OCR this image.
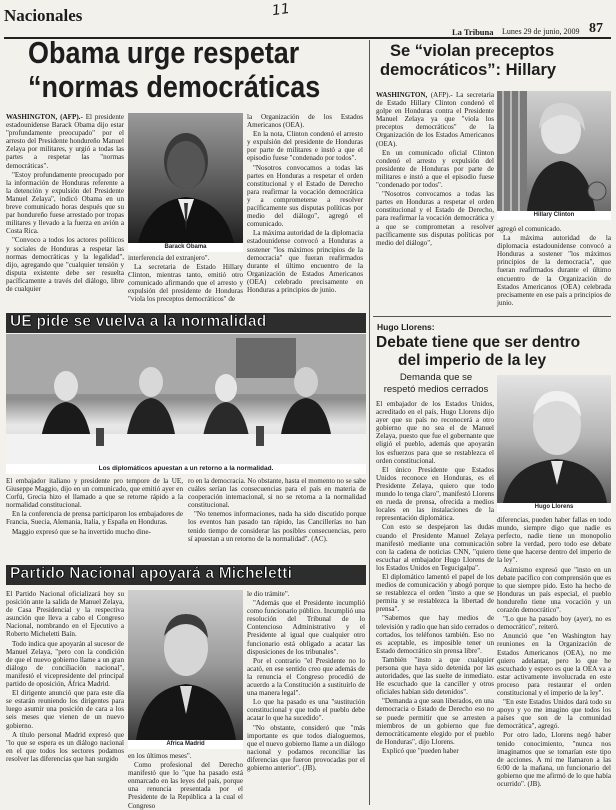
Nacionales	11
La Tribuna Lunes 29 de junio, 2009 87
Obama urge respetar
“normas democráticas

WASHINGTON, (AFP).- El presidente estadounidense Barack Obama dijo estar "profundamente preocupado" por el arresto del Presidente hondureño Manuel Zelaya por militares, y urgió a todas las partes a respetar las "normas democráticas".

"Estoy profundamente preocupado por la información de Honduras referente a la detención y expulsión del Presidente Manuel Zelaya", indicó Obama en un breve comunicado horas después que su par hondureño fuese arrestado por tropas militares y llevado a la fuerza en avión a Costa Rica.

"Convoco a todos los actores políticos y sociales de Honduras a respetar las normas democráticas y la legalidad", dijo, agregando que "cualquier tensión y disputa existente debe ser resuelta pacíficamente a través del diálogo, libre de cualquier

Barack Obama

interferencia del extranjero".

La secretaria de Estado Hillary Clinton, mientras tanto, emitió otro comunicado afirmando que el arresto y expulsión del presidente de Honduras "viola los preceptos democráticos" de

la Organización de los Estados Americanos (OEA).

En la nota, Clinton condenó el arresto y expulsión del presidente de Honduras por parte de militares e instó a que el episodio fuese "condenado por todos".

"Nosotros convocamos a todas las partes en Honduras a respetar el orden constitucional y el Estado de Derecho para reafirmar la vocación democrática y a comprometerse a resolver pacíficamente sus disputas políticas por medio del diálogo", agregó el comunicado.

La máxima autoridad de la diplomacia estadounidense convocó a Honduras a sostener "los máximos principios de la democracia" que fueran reafirmados durante el último encuentro de la Organización de Estados Americanos (OEA) celebrado precisamente en Honduras a principios de junio.

Se “violan preceptos
democráticos”: Hillary

WASHINGTON, (AFP).- La secretaria de Estado Hillary Clinton condenó el golpe en Honduras contra el Presidente Manuel Zelaya ya que "viola los preceptos democráticos" de la Organización de los Estados Americanos (OEA).

En un comunicado oficial Clinton condenó el arresto y expulsión del presidente de Honduras por parte de militares e instó a que el episodio fuese "condenado por todos".

"Nosotros convocamos a todas las partes en Honduras a respetar el orden constitucional y el Estado de Derecho, para reafirmar la vocación democrática y a que se comprometan a resolver pacíficamente sus disputas políticas por medio del diálogo",

Hillary Clinton

agregó el comunicado.

La máxima autoridad de la diplomacia estadounidense convocó a Honduras a sostener "los máximos principios de la democracia", que fueran reafirmados durante el último encuentro de la Organización de Estados Americanos (OEA) celebrada precisamente en ese país a principios de junio.

UE pide se vuelva a la normalidad
Los diplomáticos apuestan a un retorno a la normalidad.

El embajador italiano y presidente pro tempore de la UE, Giuseppe Maggio, dijo en un comunicado, que emitió ayer en Corfú, Grecia hizo el llamado a que se retorne rápido a la normalidad constitucional.

En la conferencia de prensa participaron los embajadores de Francia, Suecia, Alemania, Italia, y España en Honduras.

Maggio expresó que se ha invertido mucho dine-

ro en la democracia. No obstante, hasta el momento no se sabe cuáles serían las consecuencias para el país en materia de cooperación internacional, si no se retorna a la normalidad constitucional.

"No tenemos informaciones, nada ha sido discutido porque los eventos han pasado tan rápido, las Cancillerías no han tenido tiempo de considerar las posibles consecuencias, pero sí apuestan a un retorno de la normalidad". (AC).

Partido Nacional apoyará a Micheletti

El Partido Nacional oficializará hoy su posición ante la salida de Manuel Zelaya, de Casa Presidencial y la respectiva asunción que lleva a cabo el Congreso Nacional, nombrando en el Ejecutivo a Roberto Micheletti Baín.

Todo indica que apoyarán al sucesor de Manuel Zelaya, "pero con la condición de que el nuevo gobierno llame a un gran diálogo de conciliación nacional", manifestó el vicepresidente del principal partido de oposición, África Madrid.

El dirigente anunció que para este día se estarán reuniendo los dirigentes para luego asumir una posición de cara a los seis meses que vienen de un nuevo gobierno.

A título personal Madrid expresó que "lo que se espera es un diálogo nacional en el que todos los sectores podamos resolver las diferencias que han surgido

África Madrid

en los últimos meses".

Como profesional del Derecho manifestó que lo "que ha pasado está enmarcado en las leyes del país, porque una renuncia presentada por el Presidente de la República a la cual el Congreso

le dio trámite".

"Además que el Presidente incumplió como funcionario público. Incumplió una resolución del Tribunal de lo Contencioso Administrativo y el Presidente al igual que cualquier otro funcionario está obligado a acatar las disposiciones de los tribunales".

Por el contrario "el Presidente no lo acató, en ese sentido creo que además de la renuncia el Congreso procedió de acuerdo a la Constitución a sustituirlo de una manera legal".

Lo que ha pasado es una "sustitución constitucional y que todo el pueblo debe acatar lo que ha sucedido".

"No obstante, consideró que "más importante es que todos dialoguemos, que el nuevo gobierno llame a un diálogo nacional y podamos reconciliar las diferencias que fueron provocadas por el gobierno anterior". (JB).

Hugo Llorens:
Debate tiene que ser dentro
del imperio de la ley
Demanda que se
respetó medios cerrados

El embajador de los Estados Unidos, acreditado en el país, Hugo Llorens dijo ayer que su país no reconocerá a otro gobierno que no sea el de Manuel Zelaya, puesto que fue el gobernante que eligió el pueblo, además que apoyarán los esfuerzos para que se restablezca el orden constitucional.

El único Presidente que Estados Unidos reconoce en Honduras, es el Presidente Zelaya, quiero que todo mundo lo tenga claro", manifestó Llorens en rueda de prensa, ofrecida a medios locales en las instalaciones de la representación diplomática.

Con esto se despejaron las dudas cuando el Presidente Manuel Zelaya manifestó mediante una comunicación con la cadena de noticias CNN, "quiero escuchar al embajador Hugo Llorens de los Estados Unidos en Tegucigalpa".

El diplomático lamentó el papel de los medios de comunicación y abogó porque se restablezca el orden "insto a que se permita y se restablezca la libertad de prensa".

"Sabemos que hay medios de televisión y radio que han sido cerrados o cortados, los teléfonos también. Eso no es aceptable, es imposible tener un Estado democrático sin prensa libre".

También "insto a que cualquier persona que haya sido detenida por las autoridades, que las suelte de inmediato. He escuchado que la canciller y otros oficiales habían sido detenidos".

"Demanda a que sean liberados, en una democracia o Estado de Derecho eso no se puede permitir que se arresten a miembros de un gobierno que fue democráticamente elegido por el pueblo de Honduras", dijo Llorens.

Explicó que "pueden haber

Hugo Llorens

diferencias, pueden haber fallas en todo mundo, siempre digo que nadie es perfecto, nadie tiene un monopolio sobre la verdad, pero todo ese debate tiene que hacerse dentro del imperio de la ley".

Asimismo expresó que "insto en un debate pacífico con comprensión que es lo que siempre pido. Esto ha hecho de Honduras un país especial, el pueblo hondureño tiene una vocación y un corazón democrático".

"Lo que ha pasado hoy (ayer), no es democrático", reiteró.

Anunció que "en Washington hay reuniones en la Organización de Estados Americanos (OEA), no me quiero adelantar, pero lo que he escuchado y espero es que la OEA va a estar activamente involucrada en este proceso para restaurar el orden constitucional y el imperio de la ley".

"En este Estados Unidos dará todo su apoyo y yo me imagino que todos los países que son de la comunidad democrática", agregó.

Por otro lado, Llorens negó haber tenido conocimiento, "nunca nos imaginamos que se tomarían este tipo de acciones. A mí me llamaron a las 6:00 de la mañana, un funcionario del gobierno que me afirmó de lo que había ocurrido". (JB).
